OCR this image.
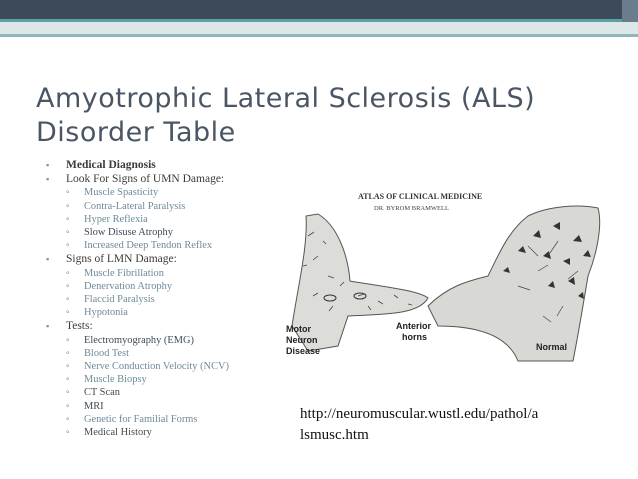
Amyotrophic Lateral Sclerosis (ALS) Disorder Table
▪ Medical Diagnosis
▪ Look For Signs of UMN Damage:
◦ Muscle Spasticity
◦ Contra-Lateral Paralysis
◦ Hyper Reflexia
◦ Slow Disuse Atrophy
◦ Increased Deep Tendon Reflex
▪ Signs of LMN Damage:
◦ Muscle Fibrillation
◦ Denervation Atrophy
◦ Flaccid Paralysis
◦ Hypotonia
▪ Tests:
◦ Electromyography (EMG)
◦ Blood Test
◦ Nerve Conduction Velocity (NCV)
◦ Muscle Biopsy
◦ CT Scan
◦ MRI
◦ Genetic for Familial Forms
◦ Medical History
ATLAS OF CLINICAL MEDICINE
DR. BYROM BRAMWELL
Motor
Neuron
Disease
Anterior
horns
Normal
http://neuromuscular.wustl.edu/pathol/a
lsmusc.htm
